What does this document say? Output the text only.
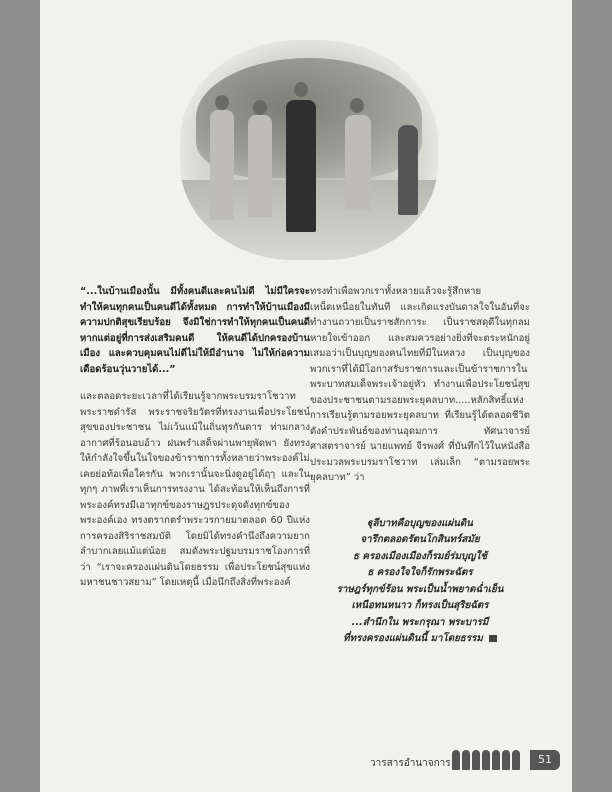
“...ในบ้านเมืองนั้น มีทั้งคนดีและคนไม่ดี ไม่มีใครจะทำให้คนทุกคนเป็นคนดีได้ทั้งหมด การทำให้บ้านเมืองมีความปกติสุขเรียบร้อย จึงมิใช่การทำให้ทุกคนเป็นคนดี หากแต่อยู่ที่การส่งเสริมคนดี ให้คนดีได้ปกครองบ้านเมือง และควบคุมคนไม่ดีไม่ให้มีอำนาจ ไม่ให้ก่อความเดือดร้อนวุ่นวายได้...”

และตลอดระยะเวลาที่ได้เรียนรู้จากพระบรมราโชวาท พระราชดำรัส พระราชจริยวัตรที่ทรงงานเพื่อประโยชน์สุขของประชาชน ไม่เว้นแม้ในถิ่นทุรกันดาร ท่ามกลางอากาศที่ร้อนอบอ้าว ฝนพรำเสด็จผ่านพายุพัดพา ยังทรงให้กำลังใจขึ้นในใจของข้าราชการทั้งหลายว่าพระองค์ไม่เคยย่อท้อเพื่อใครกัน พวกเรานั้นจะนิ่งดูอยู่ได้ฤๅ และในทุกๆ ภาพที่เราเห็นการทรงงาน ได้สะท้อนให้เห็นถึงการที่พระองค์ทรงมีเอาทุกข์ของราษฎรประดุจดังทุกข์ของพระองค์เอง ทรงตรากตรำพระวรกายมาตลอด 60 ปีแห่งการครองสิริราชสมบัติ โดยมิได้ทรงคำนึงถึงความยากลำบากเลยแม้แต่น้อย สมดังพระปฐมบรมราชโองการที่ว่า “เราจะครองแผ่นดินโดยธรรม เพื่อประโยชน์สุขแห่งมหาชนชาวสยาม” โดยเหตุนี้ เมื่อนึกถึงสิ่งที่พระองค์

ทรงทำเพื่อพวกเราทั้งหลายแล้วจะรู้สึกหายเหน็ดเหนื่อยในทันที และเกิดแรงบันดาลใจในอันที่จะทำงานถวายเป็นราชสักการะ เป็นราชสดุดีในทุกลมหายใจเข้าออก และสมควรอย่างยิ่งที่จะตระหนักอยู่เสมอว่าเป็นบุญของคนไทยที่มีในหลวง เป็นบุญของพวกเราที่ได้มีโอกาสรับราชการและเป็นข้าราชการในพระบาทสมเด็จพระเจ้าอยู่หัว ทำงานเพื่อประโยชน์สุขของประชาชนตามรอยพระยุคลบาท.....หลักสิทธิ์แห่งการเรียนรู้ตามรอยพระยุคลบาท ที่เรียนรู้ได้ตลอดชีวิต ดังคำประพันธ์ของท่านอุดมการ ทัศนาจารย์ ศาสตราจารย์ นายแพทย์ จีรพงศ์ ที่บันทึกไว้ในหนังสือประมวลพระบรมราโชวาท เล่มเล็ก “ตามรอยพระยุคลบาท” ว่า

ฐุลีบาทคือบุญของแผ่นดิน
จารึกตลอดรัตนโกสินทร์สมัย
ธ ครองเมืองเมืองก็รมย์ร่มบุญใช้
ธ ครองใจใจก็รักพระฉัตร
ราษฎร์ทุกข์ร้อน พระเป็นน้ำพยาดฉ่ำเย็น
เหนือทนหนาว ก็ทรงเป็นสุริยฉัตร
...สำนึกใน พระกรุณา พระบารมี
ที่ทรงครองแผ่นดินนี้ มาโดยธรรม
วารสารอำนาจการ	51
